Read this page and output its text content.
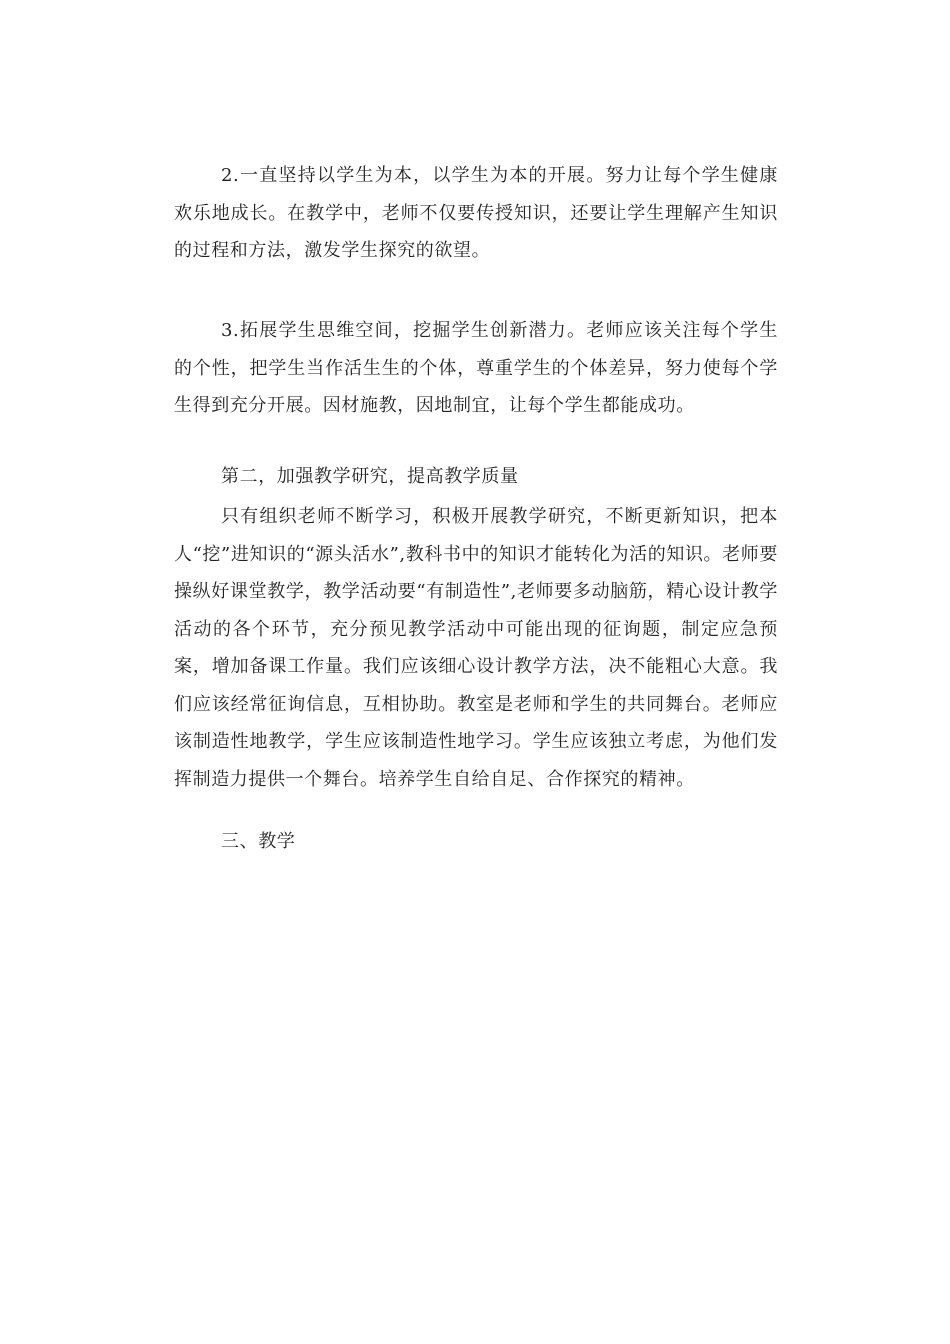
2.一直坚持以学生为本，以学生为本的开展。努力让每个学生健康欢乐地成长。在教学中，老师不仅要传授知识，还要让学生理解产生知识的过程和方法，激发学生探究的欲望。

3.拓展学生思维空间，挖掘学生创新潜力。老师应该关注每个学生的个性，把学生当作活生生的个体，尊重学生的个体差异，努力使每个学生得到充分开展。因材施教，因地制宜，让每个学生都能成功。

第二，加强教学研究，提高教学质量

只有组织老师不断学习，积极开展教学研究，不断更新知识，把本人“挖”进知识的“源头活水”,教科书中的知识才能转化为活的知识。老师要操纵好课堂教学，教学活动要“有制造性”,老师要多动脑筋，精心设计教学活动的各个环节，充分预见教学活动中可能出现的征询题，制定应急预案，增加备课工作量。我们应该细心设计教学方法，决不能粗心大意。我们应该经常征询信息，互相协助。教室是老师和学生的共同舞台。老师应该制造性地教学，学生应该制造性地学习。学生应该独立考虑，为他们发挥制造力提供一个舞台。培养学生自给自足、合作探究的精神。

三、教学
